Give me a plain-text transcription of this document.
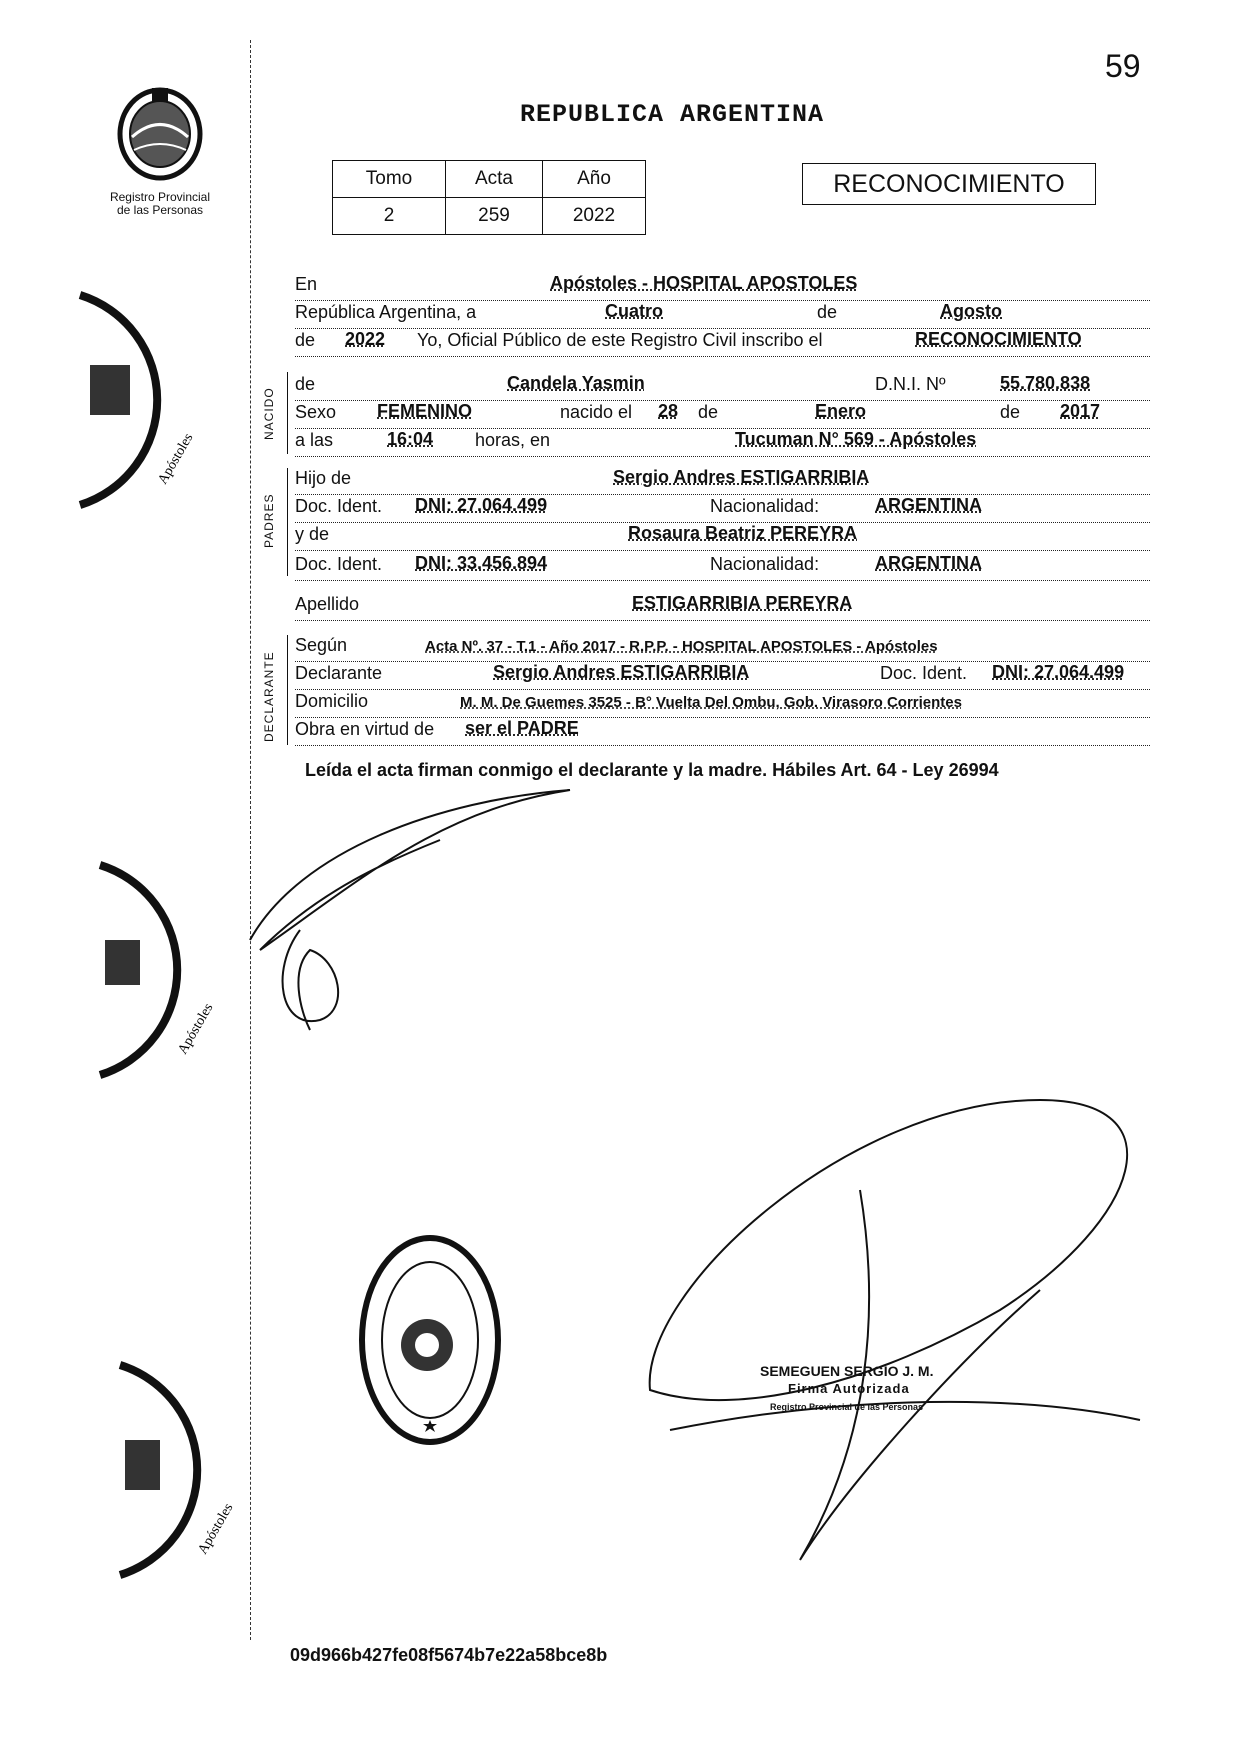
59
Registro Provincial
de las Personas
REPUBLICA ARGENTINA
Tomo	Acta	Año
2	259	2022
RECONOCIMIENTO
En	Apóstoles - HOSPITAL APOSTOLES
República Argentina, a	Cuatro	de	Agosto
de 2022 Yo, Oficial Público de este Registro Civil inscribo el	RECONOCIMIENTO
NACIDO
de	Candela Yasmin	D.N.I. Nº	55.780.838
Sexo FEMENINO	nacido el 28 de	Enero	de 2017
a las	16:04 horas, en	Tucuman N° 569 - Apóstoles
PADRES
Hijo de	Sergio Andres ESTIGARRIBIA
Doc. Ident. DNI: 27.064.499	Nacionalidad:	ARGENTINA
y de	Rosaura Beatriz PEREYRA
Doc. Ident. DNI: 33.456.894	Nacionalidad:	ARGENTINA
Apellido	ESTIGARRIBIA PEREYRA
DECLARANTE
Según	Acta Nº. 37 - T.1 - Año 2017 - R.P.P. - HOSPITAL APOSTOLES - Apóstoles
Declarante	Sergio Andres ESTIGARRIBIA	Doc. Ident. DNI: 27.064.499
Domicilio	M. M. De Guemes 3525 - B° Vuelta Del Ombu, Gob. Virasoro Corrientes
Obra en virtud de ser el PADRE
Leída el acta firman conmigo el declarante y la madre. Hábiles Art. 64 - Ley 26994
Apóstoles
Apóstoles
Apóstoles
SEMEGUEN SERGIO J. M.
Firma Autorizada
Registro Provincial de las Personas
09d966b427fe08f5674b7e22a58bce8b
